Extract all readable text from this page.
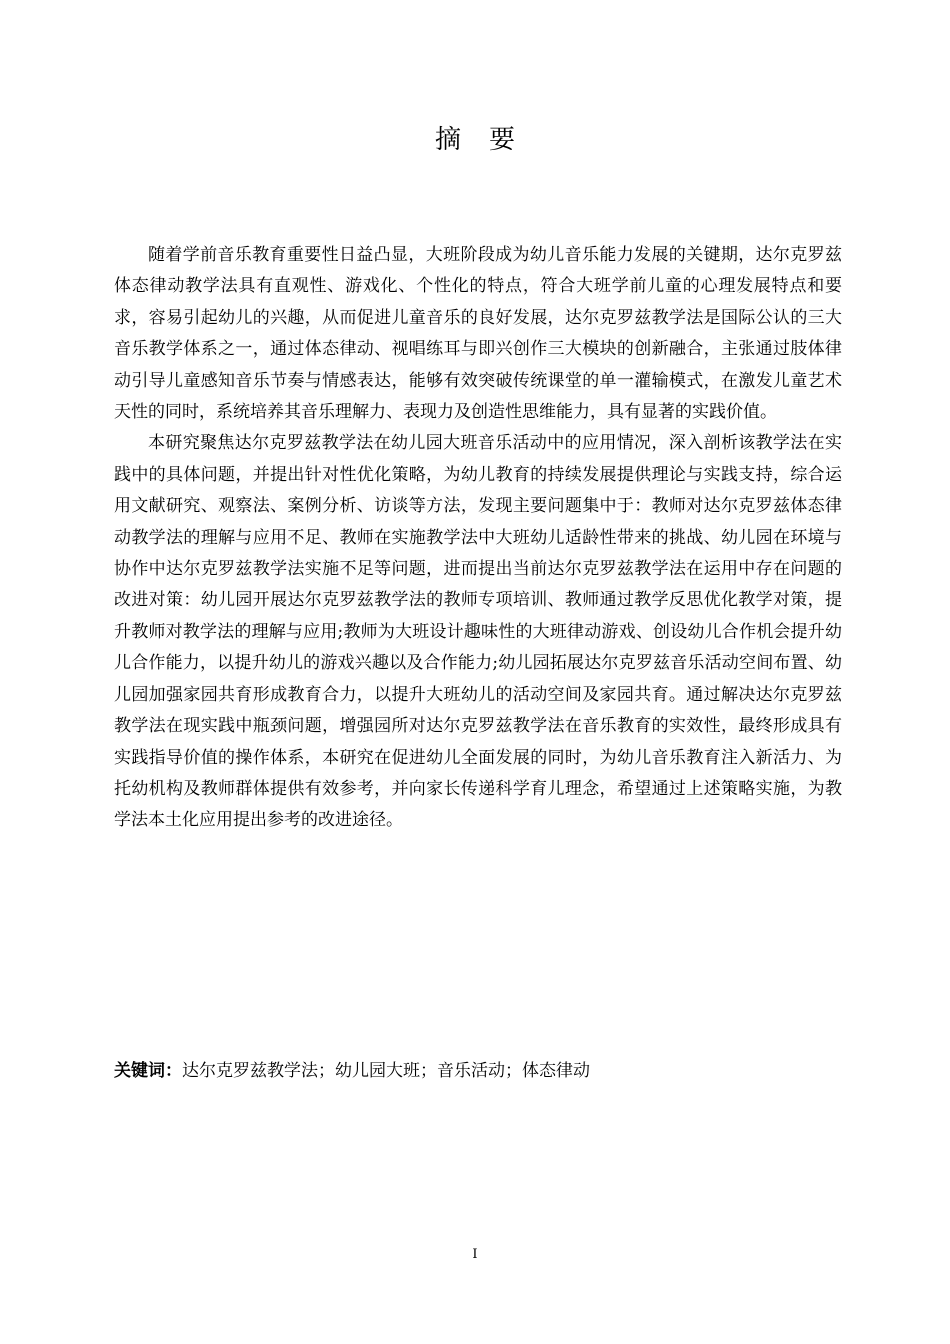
摘要

随着学前音乐教育重要性日益凸显，大班阶段成为幼儿音乐能力发展的关键期，达尔克罗兹体态律动教学法具有直观性、游戏化、个性化的特点，符合大班学前儿童的心理发展特点和要求，容易引起幼儿的兴趣，从而促进儿童音乐的良好发展，达尔克罗兹教学法是国际公认的三大音乐教学体系之一，通过体态律动、视唱练耳与即兴创作三大模块的创新融合，主张通过肢体律动引导儿童感知音乐节奏与情感表达，能够有效突破传统课堂的单一灌输模式，在激发儿童艺术天性的同时，系统培养其音乐理解力、表现力及创造性思维能力，具有显著的实践价值。

本研究聚焦达尔克罗兹教学法在幼儿园大班音乐活动中的应用情况，深入剖析该教学法在实践中的具体问题，并提出针对性优化策略，为幼儿教育的持续发展提供理论与实践支持，综合运用文献研究、观察法、案例分析、访谈等方法，发现主要问题集中于：教师对达尔克罗兹体态律动教学法的理解与应用不足、教师在实施教学法中大班幼儿适龄性带来的挑战、幼儿园在环境与协作中达尔克罗兹教学法实施不足等问题，进而提出当前达尔克罗兹教学法在运用中存在问题的改进对策：幼儿园开展达尔克罗兹教学法的教师专项培训、教师通过教学反思优化教学对策，提升教师对教学法的理解与应用;教师为大班设计趣味性的大班律动游戏、创设幼儿合作机会提升幼儿合作能力，以提升幼儿的游戏兴趣以及合作能力;幼儿园拓展达尔克罗兹音乐活动空间布置、幼儿园加强家园共育形成教育合力，以提升大班幼儿的活动空间及家园共育。通过解决达尔克罗兹教学法在现实践中瓶颈问题，增强园所对达尔克罗兹教学法在音乐教育的实效性，最终形成具有实践指导价值的操作体系，本研究在促进幼儿全面发展的同时，为幼儿音乐教育注入新活力、为托幼机构及教师群体提供有效参考，并向家长传递科学育儿理念，希望通过上述策略实施，为教学法本土化应用提出参考的改进途径。

关键词：达尔克罗兹教学法；幼儿园大班；音乐活动；体态律动

I
